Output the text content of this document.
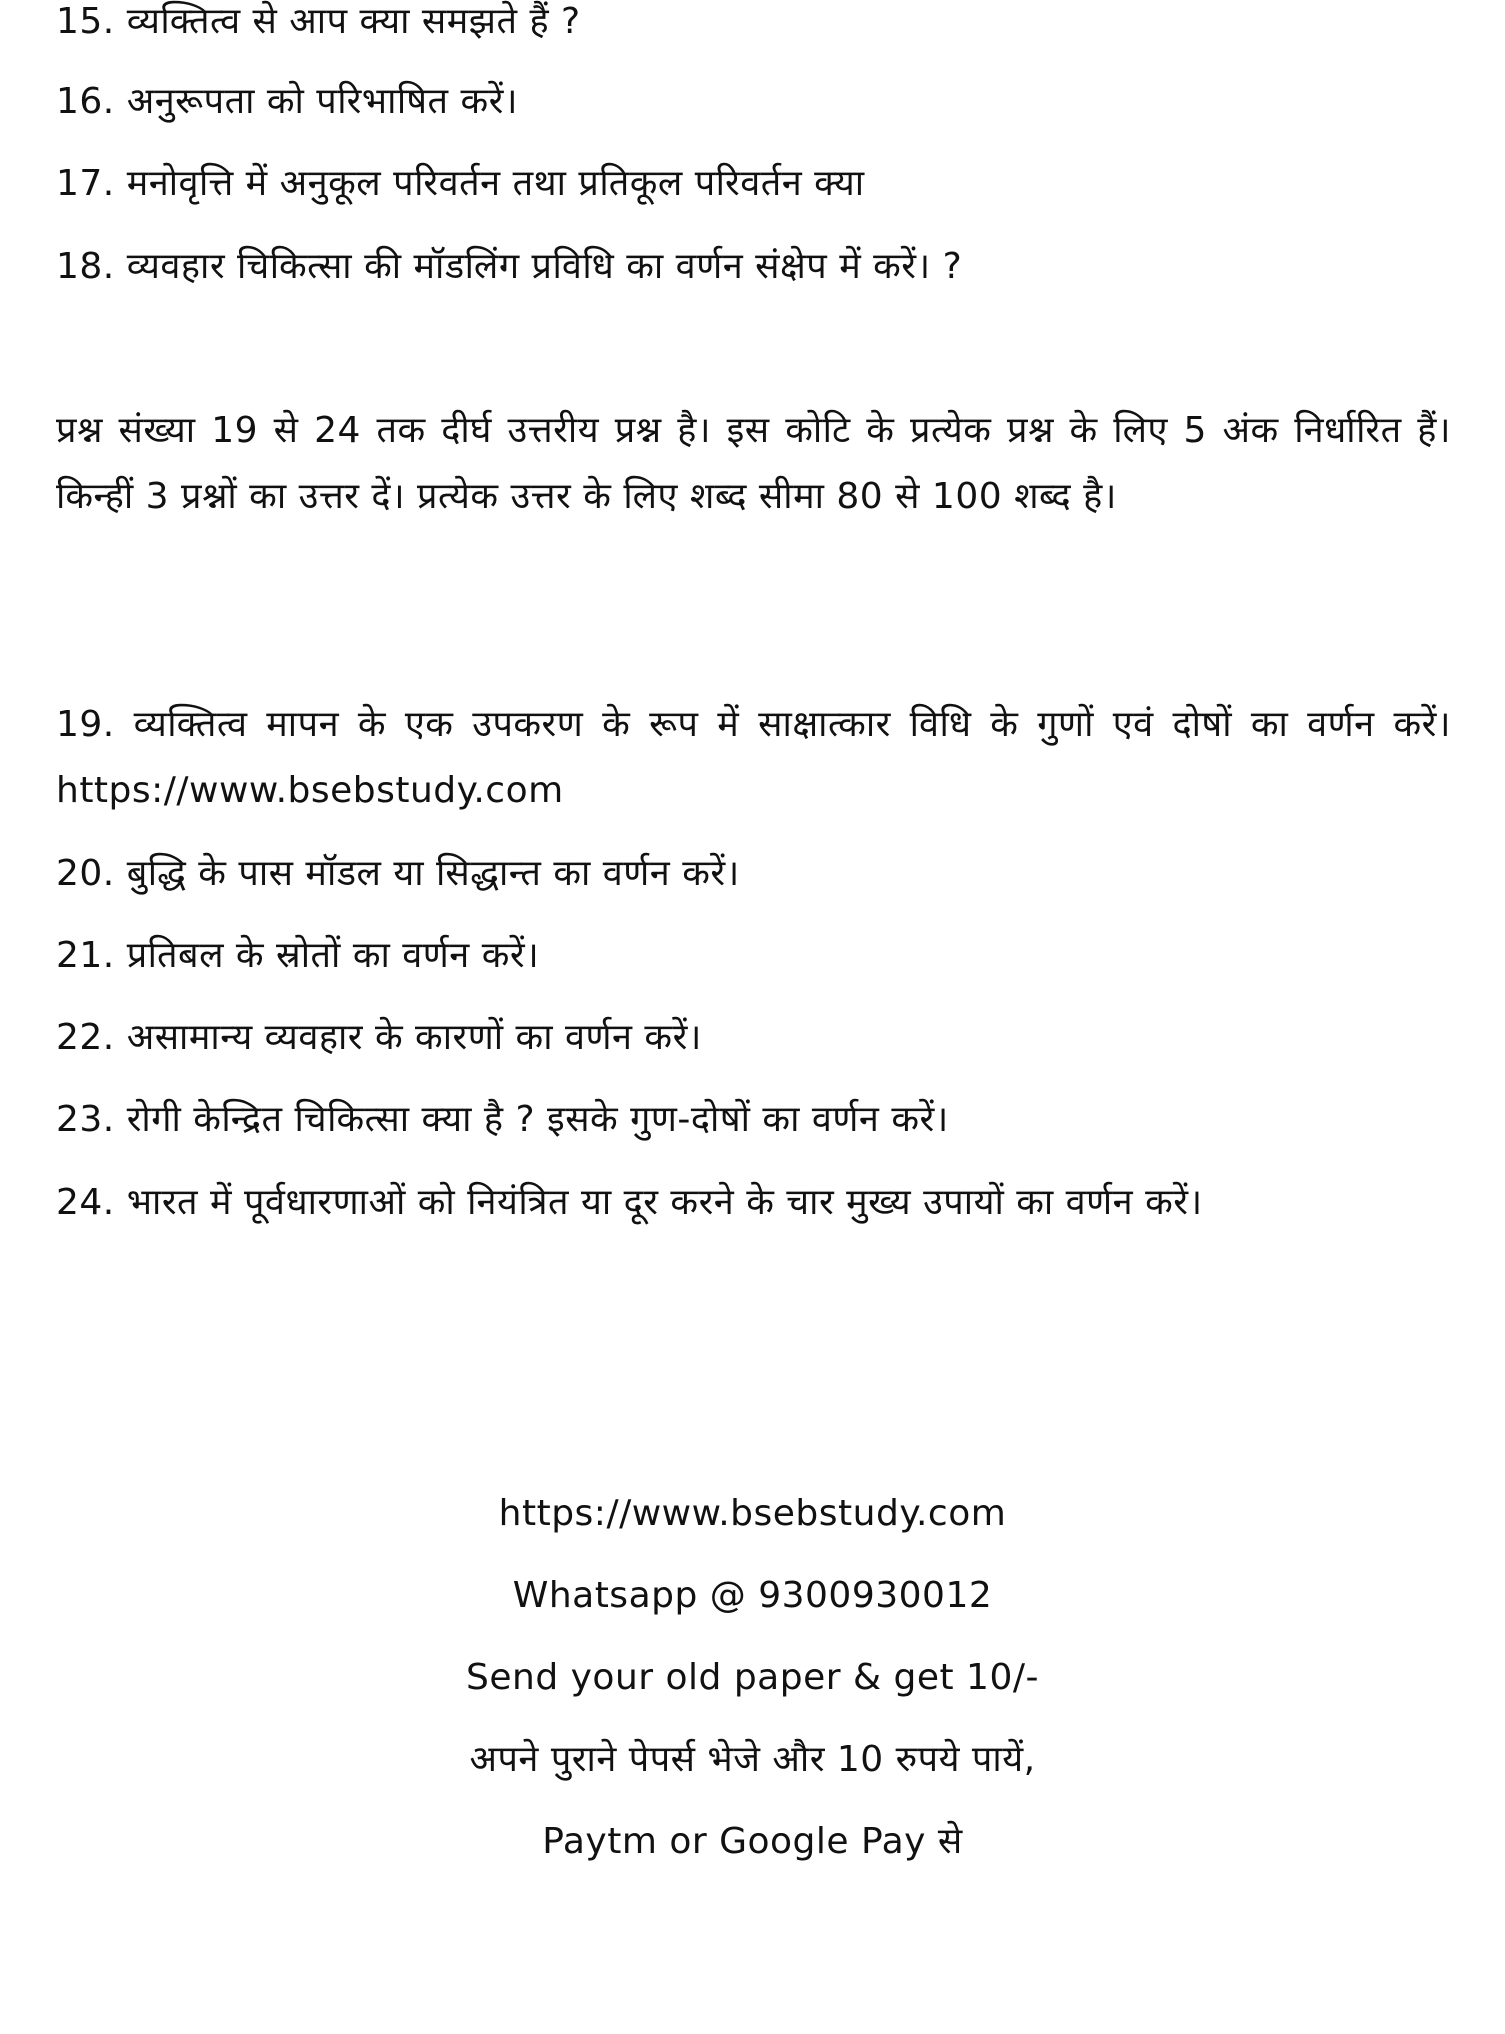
15. व्यक्तित्व से आप क्या समझते हैं ?
16. अनुरूपता को परिभाषित करें।
17. मनोवृत्ति में अनुकूल परिवर्तन तथा प्रतिकूल परिवर्तन क्या
18. व्यवहार चिकित्सा की मॉडलिंग प्रविधि का वर्णन संक्षेप में करें। ?
प्रश्न संख्या 19 से 24 तक दीर्घ उत्तरीय प्रश्न है। इस कोटि के प्रत्येक प्रश्न के लिए 5 अंक निर्धारित हैं। किन्हीं 3 प्रश्नों का उत्तर दें। प्रत्येक उत्तर के लिए शब्द सीमा 80 से 100 शब्द है।
19. व्यक्तित्व मापन के एक उपकरण के रूप में साक्षात्कार विधि के गुणों एवं दोषों का वर्णन करें। https://www.bsebstudy.com
20. बुद्धि के पास मॉडल या सिद्धान्त का वर्णन करें।
21. प्रतिबल के स्रोतों का वर्णन करें।
22. असामान्य व्यवहार के कारणों का वर्णन करें।
23. रोगी केन्द्रित चिकित्सा क्या है ? इसके गुण-दोषों का वर्णन करें।
24. भारत में पूर्वधारणाओं को नियंत्रित या दूर करने के चार मुख्य उपायों का वर्णन करें।
https://www.bsebstudy.com
Whatsapp @ 9300930012
Send your old paper & get 10/-
अपने पुराने पेपर्स भेजे और 10 रुपये पायें,
Paytm or Google Pay से
